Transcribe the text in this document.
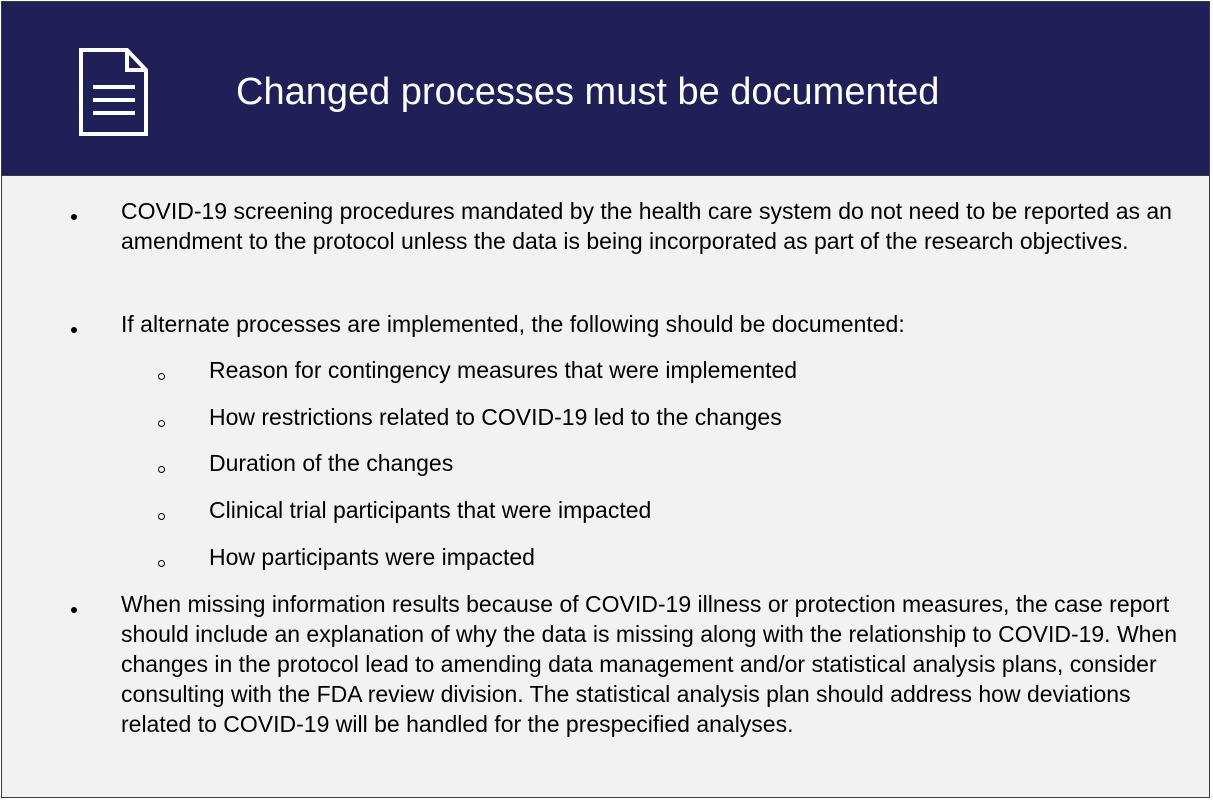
Changed processes must be documented
COVID-19 screening procedures mandated by the health care system do not need to be reported as an amendment to the protocol unless the data is being incorporated as part of the research objectives.
If alternate processes are implemented, the following should be documented:
Reason for contingency measures that were implemented
How restrictions related to COVID-19 led to the changes
Duration of the changes
Clinical trial participants that were impacted
How participants were impacted
When missing information results because of COVID-19 illness or protection measures, the case report should include an explanation of why the data is missing along with the relationship to COVID-19. When changes in the protocol lead to amending data management and/or statistical analysis plans, consider consulting with the FDA review division. The statistical analysis plan should address how deviations related to COVID-19 will be handled for the prespecified analyses.
